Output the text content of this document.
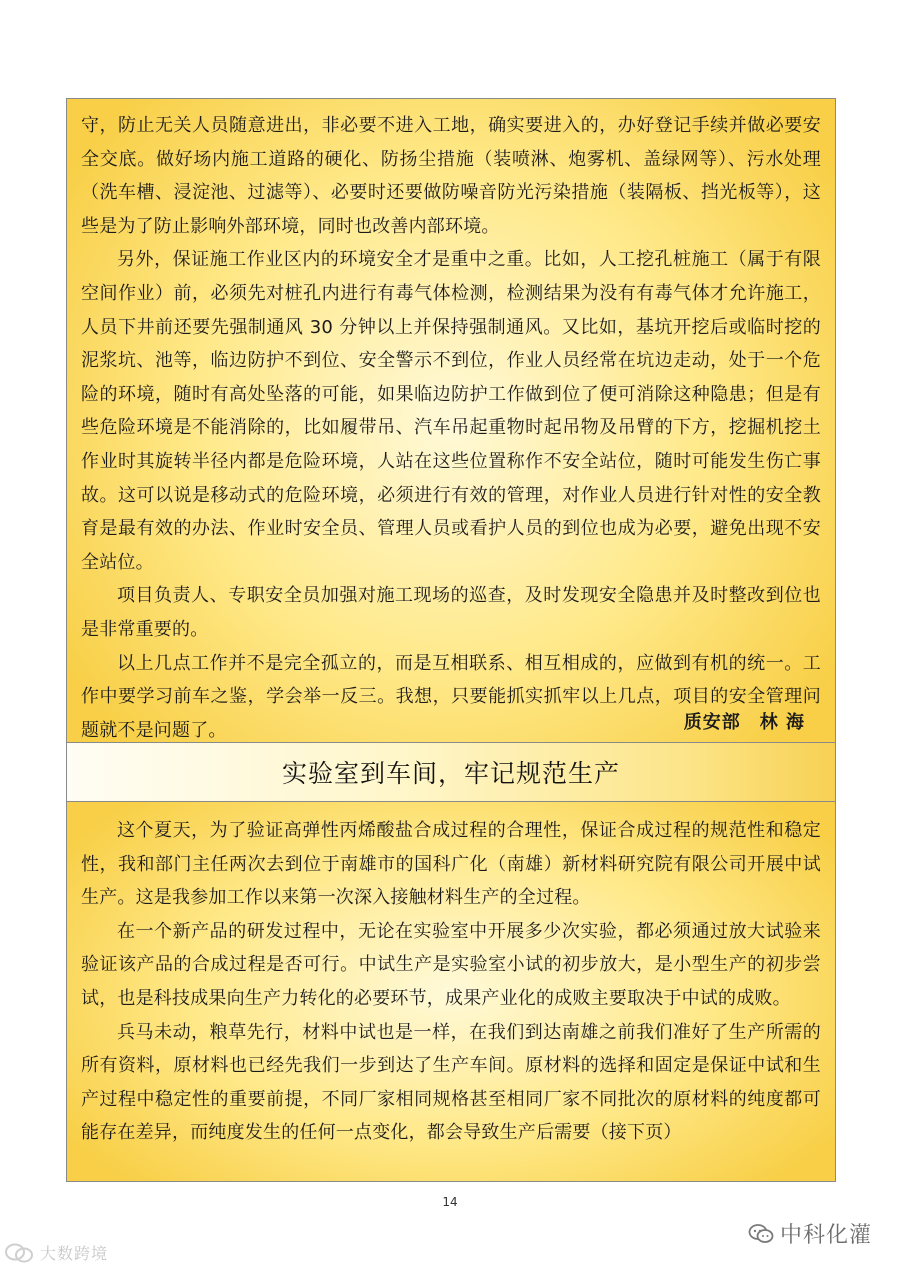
守，防止无关人员随意进出，非必要不进入工地，确实要进入的，办好登记手续并做必要安全交底。做好场内施工道路的硬化、防扬尘措施（装喷淋、炮雾机、盖绿网等）、污水处理（洗车槽、浸淀池、过滤等）、必要时还要做防噪音防光污染措施（装隔板、挡光板等），这些是为了防止影响外部环境，同时也改善内部环境。

另外，保证施工作业区内的环境安全才是重中之重。比如，人工挖孔桩施工（属于有限空间作业）前，必须先对桩孔内进行有毒气体检测，检测结果为没有有毒气体才允许施工，人员下井前还要先强制通风 30 分钟以上并保持强制通风。又比如，基坑开挖后或临时挖的泥浆坑、池等，临边防护不到位、安全警示不到位，作业人员经常在坑边走动，处于一个危险的环境，随时有高处坠落的可能，如果临边防护工作做到位了便可消除这种隐患；但是有些危险环境是不能消除的，比如履带吊、汽车吊起重物时起吊物及吊臂的下方，挖掘机挖土作业时其旋转半径内都是危险环境，人站在这些位置称作不安全站位，随时可能发生伤亡事故。这可以说是移动式的危险环境，必须进行有效的管理，对作业人员进行针对性的安全教育是最有效的办法、作业时安全员、管理人员或看护人员的到位也成为必要，避免出现不安全站位。

项目负责人、专职安全员加强对施工现场的巡查，及时发现安全隐患并及时整改到位也是非常重要的。

以上几点工作并不是完全孤立的，而是互相联系、相互相成的，应做到有机的统一。工作中要学习前车之鉴，学会举一反三。我想，只要能抓实抓牢以上几点，项目的安全管理问题就不是问题了。	质安部　林 海
实验室到车间，牢记规范生产

这个夏天，为了验证高弹性丙烯酸盐合成过程的合理性，保证合成过程的规范性和稳定性，我和部门主任两次去到位于南雄市的国科广化（南雄）新材料研究院有限公司开展中试生产。这是我参加工作以来第一次深入接触材料生产的全过程。

在一个新产品的研发过程中，无论在实验室中开展多少次实验，都必须通过放大试验来验证该产品的合成过程是否可行。中试生产是实验室小试的初步放大，是小型生产的初步尝试，也是科技成果向生产力转化的必要环节，成果产业化的成败主要取决于中试的成败。

兵马未动，粮草先行，材料中试也是一样，在我们到达南雄之前我们准好了生产所需的所有资料，原材料也已经先我们一步到达了生产车间。原材料的选择和固定是保证中试和生产过程中稳定性的重要前提，不同厂家相同规格甚至相同厂家不同批次的原材料的纯度都可能存在差异，而纯度发生的任何一点变化，都会导致生产后需要（接下页）

14
大数跨境
中科化灌
